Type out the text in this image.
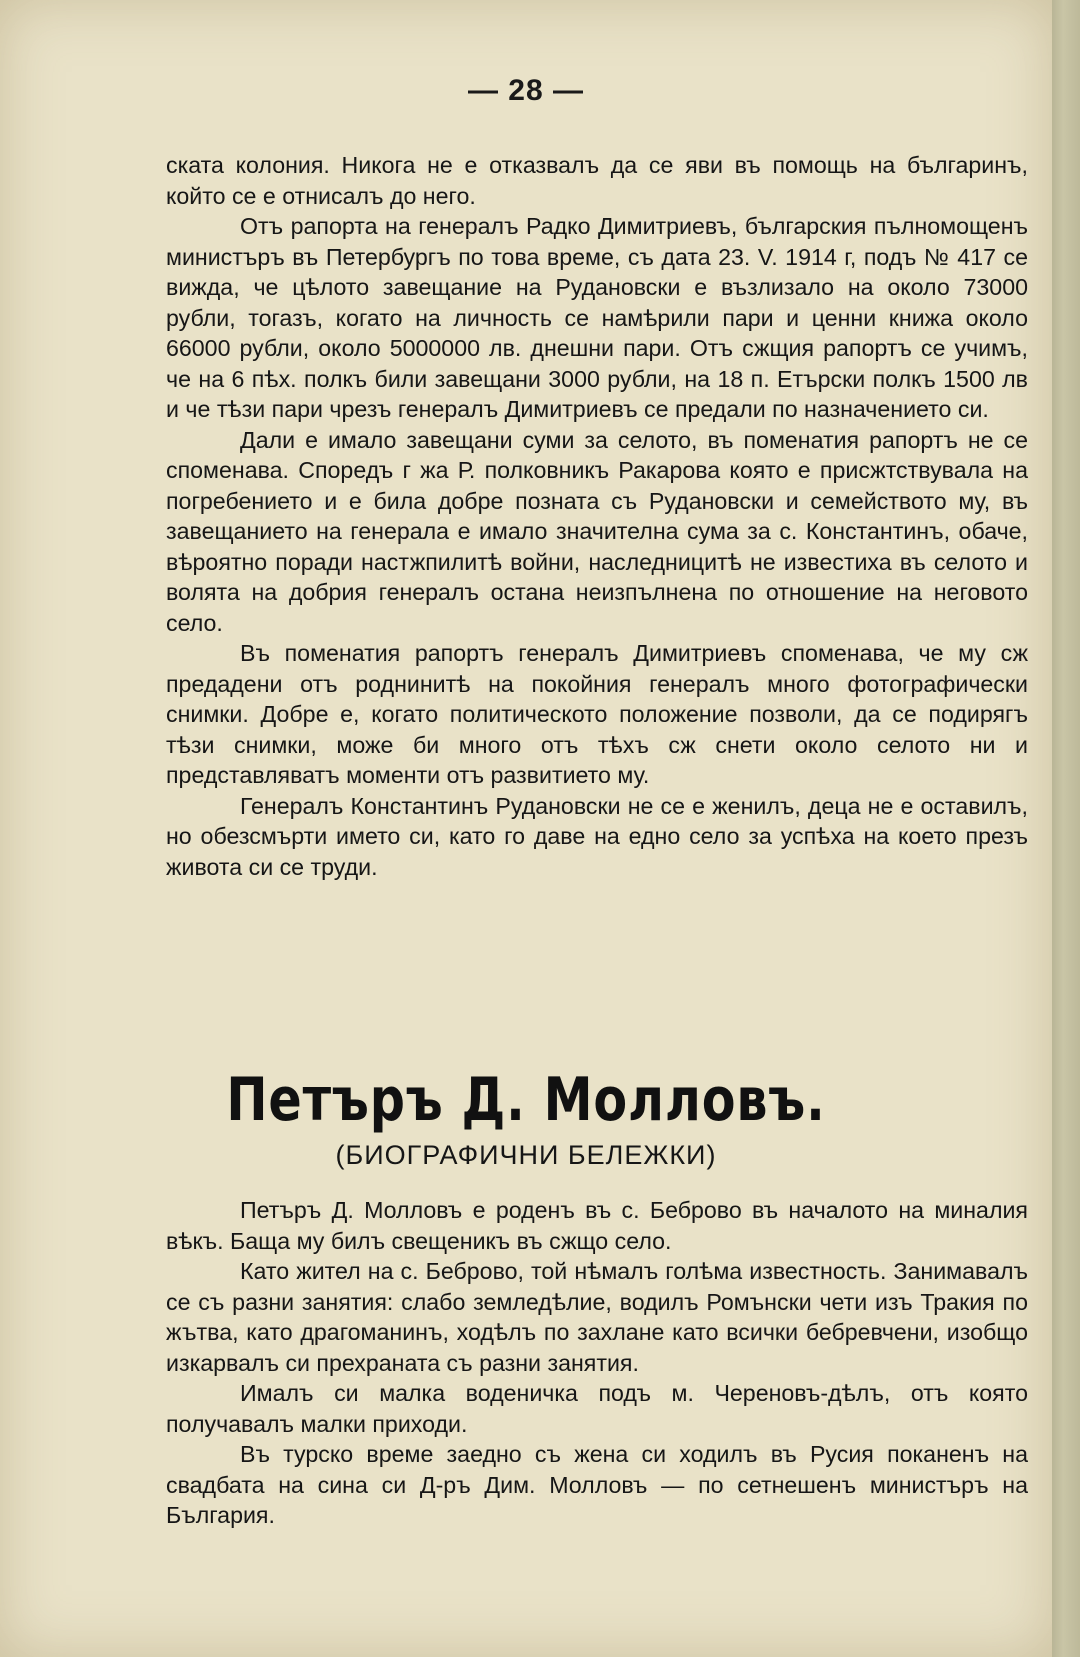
— 28 —

ската колония. Никога не е отказвалъ да се яви въ помощь на българинъ, който се е отнисалъ до него.

Отъ рапорта на генералъ Радко Димитриевъ, българския пълномощенъ министъръ въ Петербургъ по това време, съ дата 23. V. 1914 г, подъ № 417 се вижда, че цѣлото завещание на Рудановски е възлизало на около 73000 рубли, тогазъ, когато на личность се намѣрили пари и ценни книжа около 66000 рубли, около 5000000 лв. днешни пари. Отъ сжщия рапортъ се учимъ, че на 6 пѣх. полкъ били завещани 3000 рубли, на 18 п. Етърски полкъ 1500 лв и че тѣзи пари чрезъ генералъ Димитриевъ се предали по назначението си.

Дали е имало завещани суми за селото, въ поменатия рапортъ не се споменава. Споредъ г жа Р. полковникъ Ракарова която е присжтствувала на погребението и е била добре позната съ Рудановски и семейството му, въ завещанието на генерала е имало значителна сума за с. Константинъ, обаче, вѣроятно поради настжпилитѣ войни, наследницитѣ не известиха въ селото и волята на добрия генералъ остана неизпълнена по отношение на неговото село.

Въ поменатия рапортъ генералъ Димитриевъ споменава, че му сж предадени отъ роднинитѣ на покойния генералъ много фотографически снимки. Добре е, когато политическото положение позволи, да се подирягъ тѣзи снимки, може би много отъ тѣхъ сж снети около селото ни и представляватъ моменти отъ развитието му.

Генералъ Константинъ Рудановски не се е женилъ, деца не е оставилъ, но обезсмърти името си, като го даве на едно село за успѣха на което презъ живота си се труди.

Петъръ Д. Молловъ.
(БИОГРАФИЧНИ БЕЛЕЖКИ)

Петъръ Д. Молловъ е роденъ въ с. Беброво въ началото на миналия вѣкъ. Баща му билъ свещеникъ въ сжщо село.

Като жител на с. Беброво, той нѣмалъ голѣма известность. Занимавалъ се съ разни занятия: слабо земледѣлие, водилъ Ромънски чети изъ Тракия по жътва, като драгоманинъ, ходѣлъ по захлане като всички бебревчени, изобщо изкарвалъ си прехраната съ разни занятия.

Ималъ си малка воденичка подъ м. Череновъ-дѣлъ, отъ която получавалъ малки приходи.

Въ турско време заедно съ жена си ходилъ въ Русия поканенъ на свадбата на сина си Д-ръ Дим. Молловъ — по сетнешенъ министъръ на България.
